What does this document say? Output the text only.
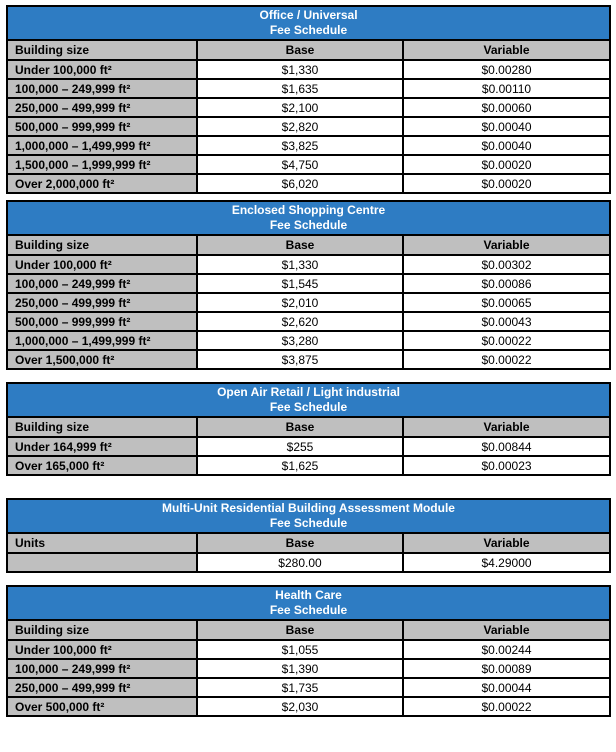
Office / Universal
Fee Schedule		

Building size	Base	Variable
Under 100,000 ft²	$1,330	$0.00280
100,000 – 249,999 ft²	$1,635	$0.00110
250,000 – 499,999 ft²	$2,100	$0.00060
500,000 – 999,999 ft²	$2,820	$0.00040
1,000,000 – 1,499,999 ft²	$3,825	$0.00040
1,500,000 – 1,999,999 ft²	$4,750	$0.00020
Over 2,000,000 ft²	$6,020	$0.00020
Enclosed Shopping Centre
Fee Schedule		

Building size	Base	Variable
Under 100,000 ft²	$1,330	$0.00302
100,000 – 249,999 ft²	$1,545	$0.00086
250,000 – 499,999 ft²	$2,010	$0.00065
500,000 – 999,999 ft²	$2,620	$0.00043
1,000,000 – 1,499,999 ft²	$3,280	$0.00022
Over 1,500,000 ft²	$3,875	$0.00022
Open Air Retail / Light industrial
Fee Schedule		

Building size	Base	Variable
Under 164,999 ft²	$255	$0.00844
Over 165,000 ft²	$1,625	$0.00023
Multi-Unit Residential Building Assessment Module
Fee Schedule		

Units	Base	Variable
	$280.00	$4.29000
Health Care
Fee Schedule		

Building size	Base	Variable
Under 100,000 ft²	$1,055	$0.00244
100,000 – 249,999 ft²	$1,390	$0.00089
250,000 – 499,999 ft²	$1,735	$0.00044
Over 500,000 ft²	$2,030	$0.00022
